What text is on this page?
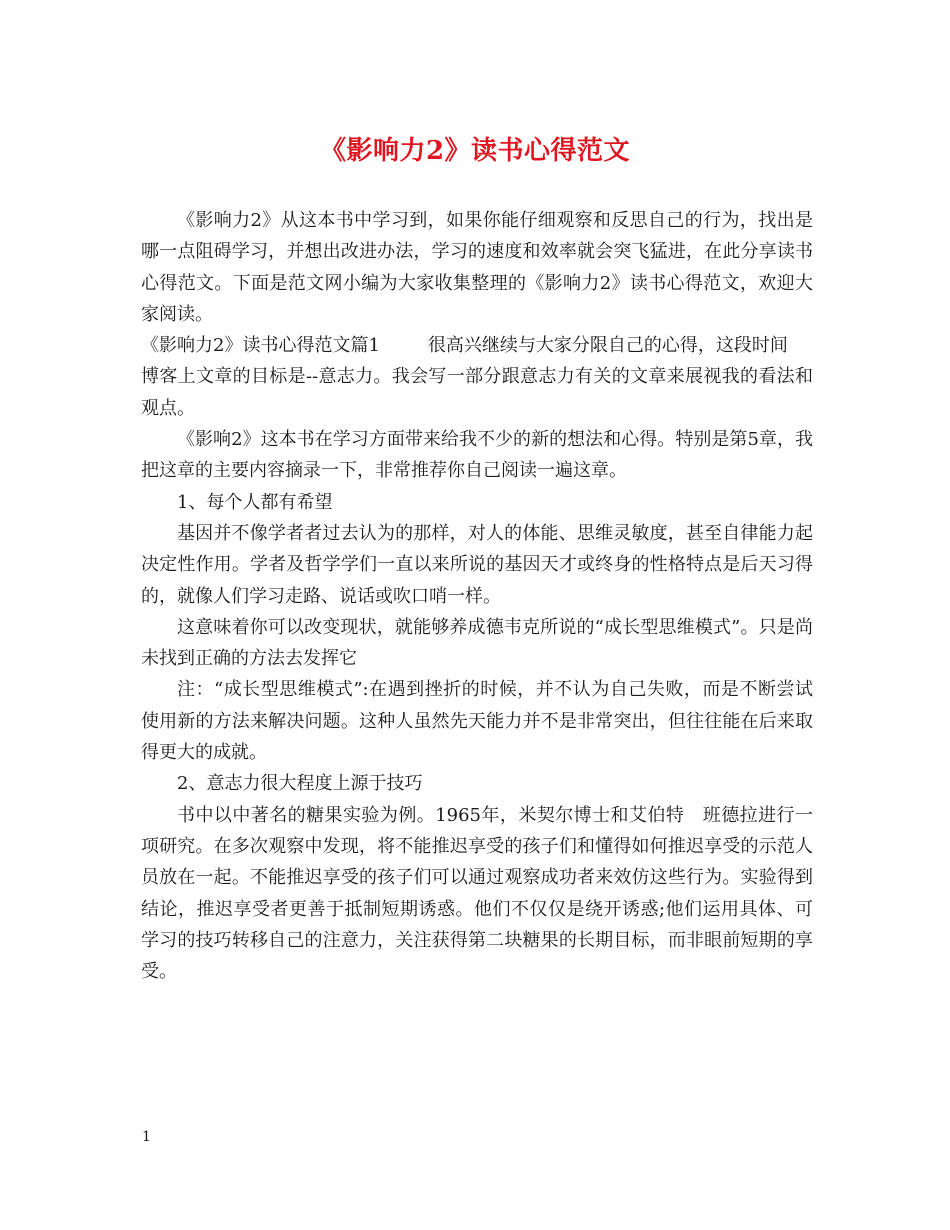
《影响力2》读书心得范文

《影响力2》从这本书中学习到，如果你能仔细观察和反思自己的行为，找出是哪一点阻碍学习，并想出改进办法，学习的速度和效率就会突飞猛进，在此分享读书心得范文。下面是范文网小编为大家收集整理的《影响力2》读书心得范文，欢迎大家阅读。

《影响力2》读书心得范文篇1	很高兴继续与大家分限自己的心得，这段时间

博客上文章的目标是--意志力。我会写一部分跟意志力有关的文章来展视我的看法和观点。

《影响2》这本书在学习方面带来给我不少的新的想法和心得。特别是第5章，我把这章的主要内容摘录一下，非常推荐你自己阅读一遍这章。

1、每个人都有希望

基因并不像学者者过去认为的那样，对人的体能、思维灵敏度，甚至自律能力起决定性作用。学者及哲学学们一直以来所说的基因天才或终身的性格特点是后天习得的，就像人们学习走路、说话或吹口哨一样。

这意味着你可以改变现状，就能够养成德韦克所说的“成长型思维模式”。只是尚未找到正确的方法去发挥它

注：“成长型思维模式”:在遇到挫折的时候，并不认为自己失败，而是不断尝试使用新的方法来解决问题。这种人虽然先天能力并不是非常突出，但往往能在后来取得更大的成就。

2、意志力很大程度上源于技巧

书中以中著名的糖果实验为例。1965年，米契尔博士和艾伯特　班德拉进行一项研究。在多次观察中发现，将不能推迟享受的孩子们和懂得如何推迟享受的示范人员放在一起。不能推迟享受的孩子们可以通过观察成功者来效仿这些行为。实验得到结论，推迟享受者更善于抵制短期诱惑。他们不仅仅是绕开诱惑;他们运用具体、可学习的技巧转移自己的注意力，关注获得第二块糖果的长期目标，而非眼前短期的享受。

1
